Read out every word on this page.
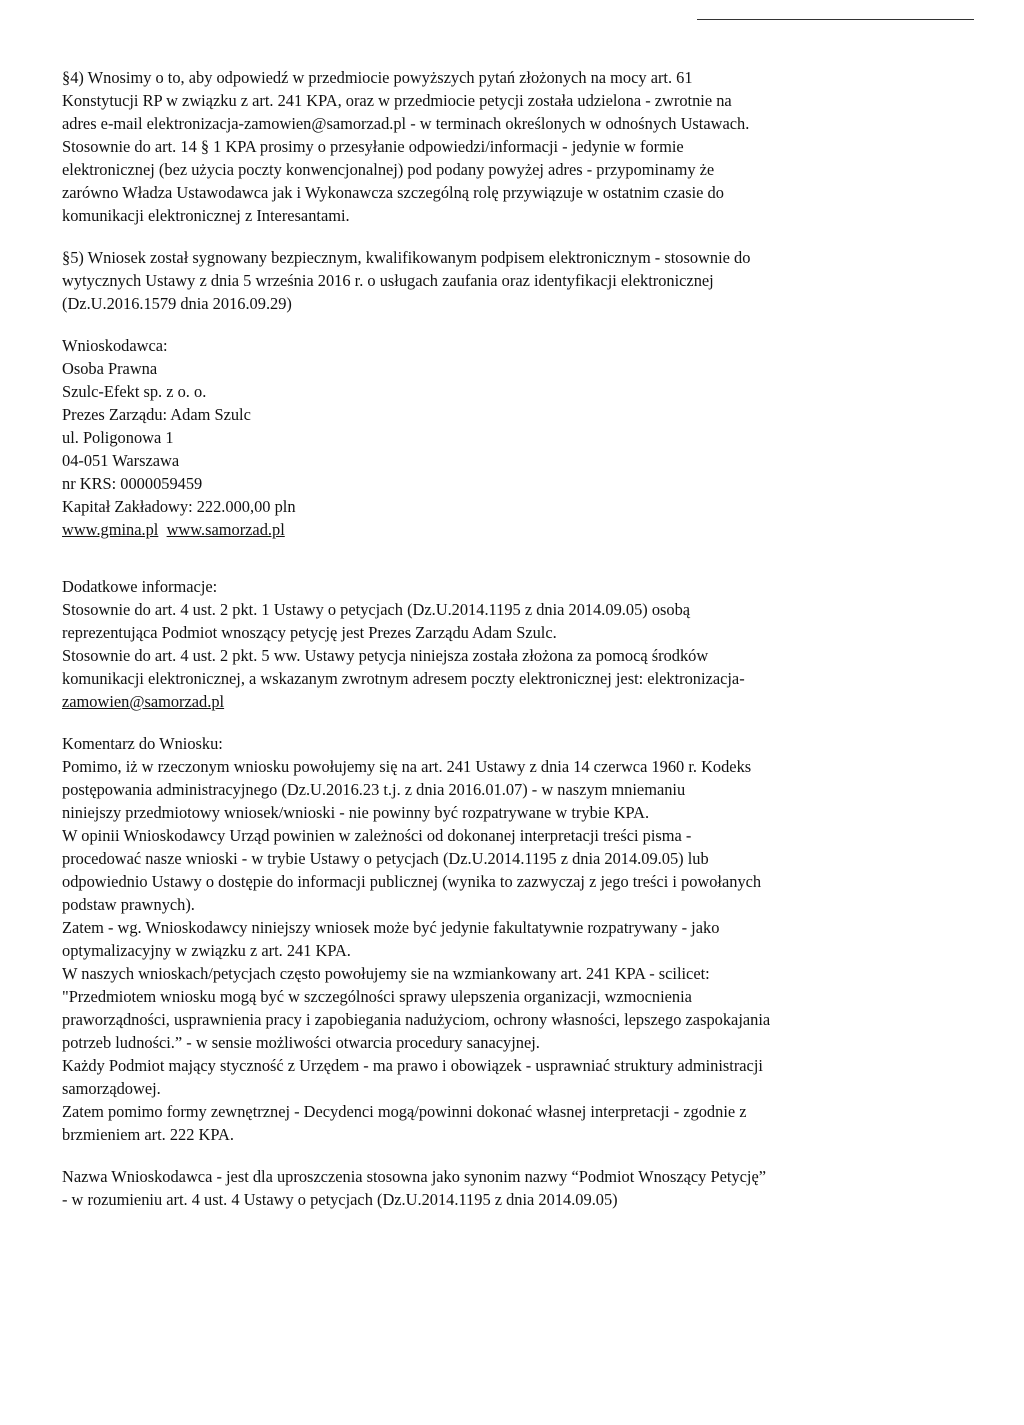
§4) Wnosimy o to, aby odpowiedź w przedmiocie powyższych pytań złożonych na mocy art. 61
Konstytucji RP w związku z art. 241 KPA, oraz w przedmiocie petycji została udzielona - zwrotnie na
adres e-mail elektronizacja-zamowien@samorzad.pl - w terminach określonych w odnośnych Ustawach.
Stosownie do art. 14 § 1 KPA prosimy o przesyłanie odpowiedzi/informacji - jedynie w formie
elektronicznej (bez użycia poczty konwencjonalnej) pod podany powyżej adres - przypominamy że
zarówno Władza Ustawodawca jak i Wykonawcza szczególną rolę przywiązuje w ostatnim czasie do
komunikacji elektronicznej z Interesantami.
§5) Wniosek został sygnowany bezpiecznym, kwalifikowanym podpisem elektronicznym - stosownie do
wytycznych Ustawy z dnia 5 września 2016 r. o usługach zaufania oraz identyfikacji elektronicznej
(Dz.U.2016.1579 dnia 2016.09.29)
Wnioskodawca:
Osoba Prawna
Szulc-Efekt sp. z o. o.
Prezes Zarządu: Adam Szulc
ul. Poligonowa 1
04-051 Warszawa
nr KRS: 0000059459
Kapitał Zakładowy: 222.000,00 pln
www.gmina.pl www.samorzad.pl
Dodatkowe informacje:
Stosownie do art. 4 ust. 2 pkt. 1 Ustawy o petycjach (Dz.U.2014.1195 z dnia 2014.09.05) osobą
reprezentująca Podmiot wnoszący petycję jest Prezes Zarządu Adam Szulc.
Stosownie do art. 4 ust. 2 pkt. 5 ww. Ustawy petycja niniejsza została złożona za pomocą środków
komunikacji elektronicznej, a wskazanym zwrotnym adresem poczty elektronicznej jest: elektronizacja-
zamowien@samorzad.pl
Komentarz do Wniosku:
Pomimo, iż w rzeczonym wniosku powołujemy się na art. 241 Ustawy z dnia 14 czerwca 1960 r. Kodeks
postępowania administracyjnego (Dz.U.2016.23 t.j. z dnia 2016.01.07) - w naszym mniemaniu
niniejszy przedmiotowy wniosek/wnioski - nie powinny być rozpatrywane w trybie KPA.
W opinii Wnioskodawcy Urząd powinien w zależności od dokonanej interpretacji treści pisma -
procedować nasze wnioski - w trybie Ustawy o petycjach (Dz.U.2014.1195 z dnia 2014.09.05) lub
odpowiednio Ustawy o dostępie do informacji publicznej (wynika to zazwyczaj z jego treści i powołanych
podstaw prawnych).
Zatem - wg. Wnioskodawcy niniejszy wniosek może być jedynie fakultatywnie rozpatrywany - jako
optymalizacyjny w związku z art. 241 KPA.
W naszych wnioskach/petycjach często powołujemy sie na wzmiankowany art. 241 KPA - scilicet:
"Przedmiotem wniosku mogą być w szczególności sprawy ulepszenia organizacji, wzmocnienia
praworządności, usprawnienia pracy i zapobiegania nadużyciom, ochrony własności, lepszego zaspokajania
potrzeb ludności.” - w sensie możliwości otwarcia procedury sanacyjnej.
Każdy Podmiot mający styczność z Urzędem - ma prawo i obowiązek - usprawniać struktury administracji
samorządowej.
Zatem pomimo formy zewnętrznej - Decydenci mogą/powinni dokonać własnej interpretacji - zgodnie z
brzmieniem art. 222 KPA.
Nazwa Wnioskodawca - jest dla uproszczenia stosowna jako synonim nazwy “Podmiot Wnoszący Petycję”
- w rozumieniu art. 4 ust. 4 Ustawy o petycjach (Dz.U.2014.1195 z dnia 2014.09.05)
